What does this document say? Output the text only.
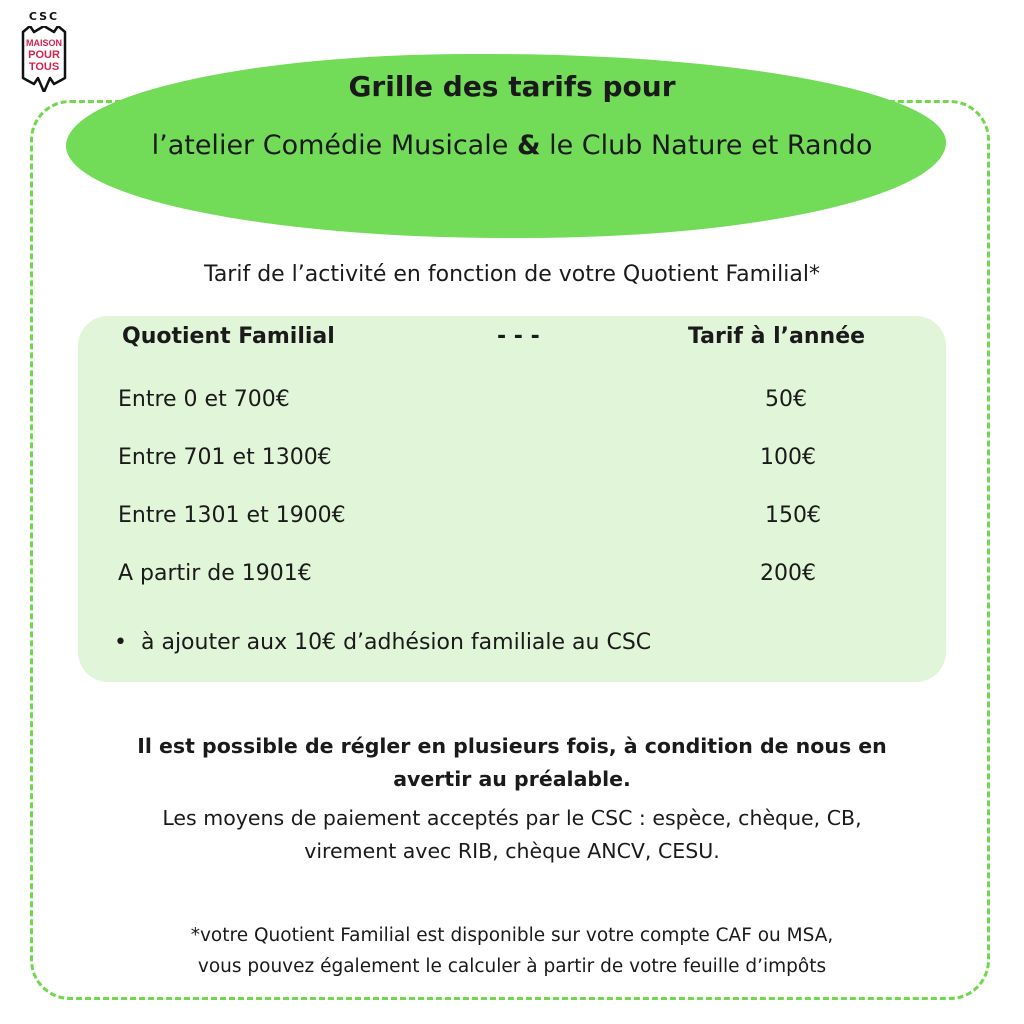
CSC
MAISON
POUR
TOUS
Grille des tarifs pour
l’atelier Comédie Musicale & le Club Nature et Rando
Tarif de l’activité en fonction de votre Quotient Familial*
Quotient Familial	- - -	Tarif à l’année
Entre 0 et 700€	50€
Entre 701 et 1300€	100€
Entre 1301 et 1900€	150€
A partir de 1901€	200€
• à ajouter aux 10€ d’adhésion familiale au CSC
Il est possible de régler en plusieurs fois, à condition de nous en
avertir au préalable.
Les moyens de paiement acceptés par le CSC : espèce, chèque, CB,
virement avec RIB, chèque ANCV, CESU.
*votre Quotient Familial est disponible sur votre compte CAF ou MSA,
vous pouvez également le calculer à partir de votre feuille d’impôts
